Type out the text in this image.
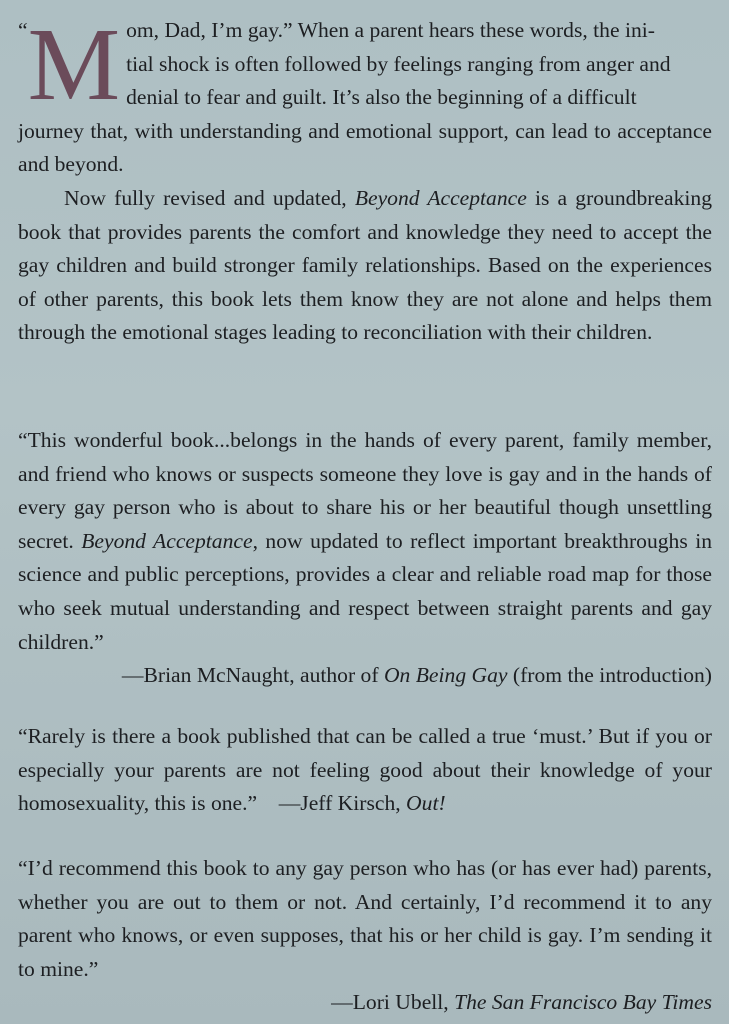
“ M om, Dad, I’m gay.” When a parent hears these words, the ini-
tial shock is often followed by feelings ranging from anger and
denial to fear and guilt. It’s also the beginning of a difficult

journey that, with understanding and emotional support, can lead to acceptance and beyond.

Now fully revised and updated, Beyond Acceptance is a groundbreaking book that provides parents the comfort and knowledge they need to accept the gay children and build stronger family relationships. Based on the experiences of other parents, this book lets them know they are not alone and helps them through the emotional stages leading to reconciliation with their children.

“This wonderful book...belongs in the hands of every parent, family member, and friend who knows or suspects someone they love is gay and in the hands of every gay person who is about to share his or her beautiful though unsettling secret. Beyond Acceptance, now updated to reflect important breakthroughs in science and public perceptions, provides a clear and reliable road map for those who seek mutual understanding and respect between straight parents and gay children.”

—Brian McNaught, author of On Being Gay (from the introduction)

“Rarely is there a book published that can be called a true ‘must.’ But if you or especially your parents are not feeling good about their knowledge of your homosexuality, this is one.” —Jeff Kirsch, Out!

“I’d recommend this book to any gay person who has (or has ever had) parents, whether you are out to them or not. And certainly, I’d recommend it to any parent who knows, or even supposes, that his or her child is gay. I’m sending it to mine.”

—Lori Ubell, The San Francisco Bay Times
